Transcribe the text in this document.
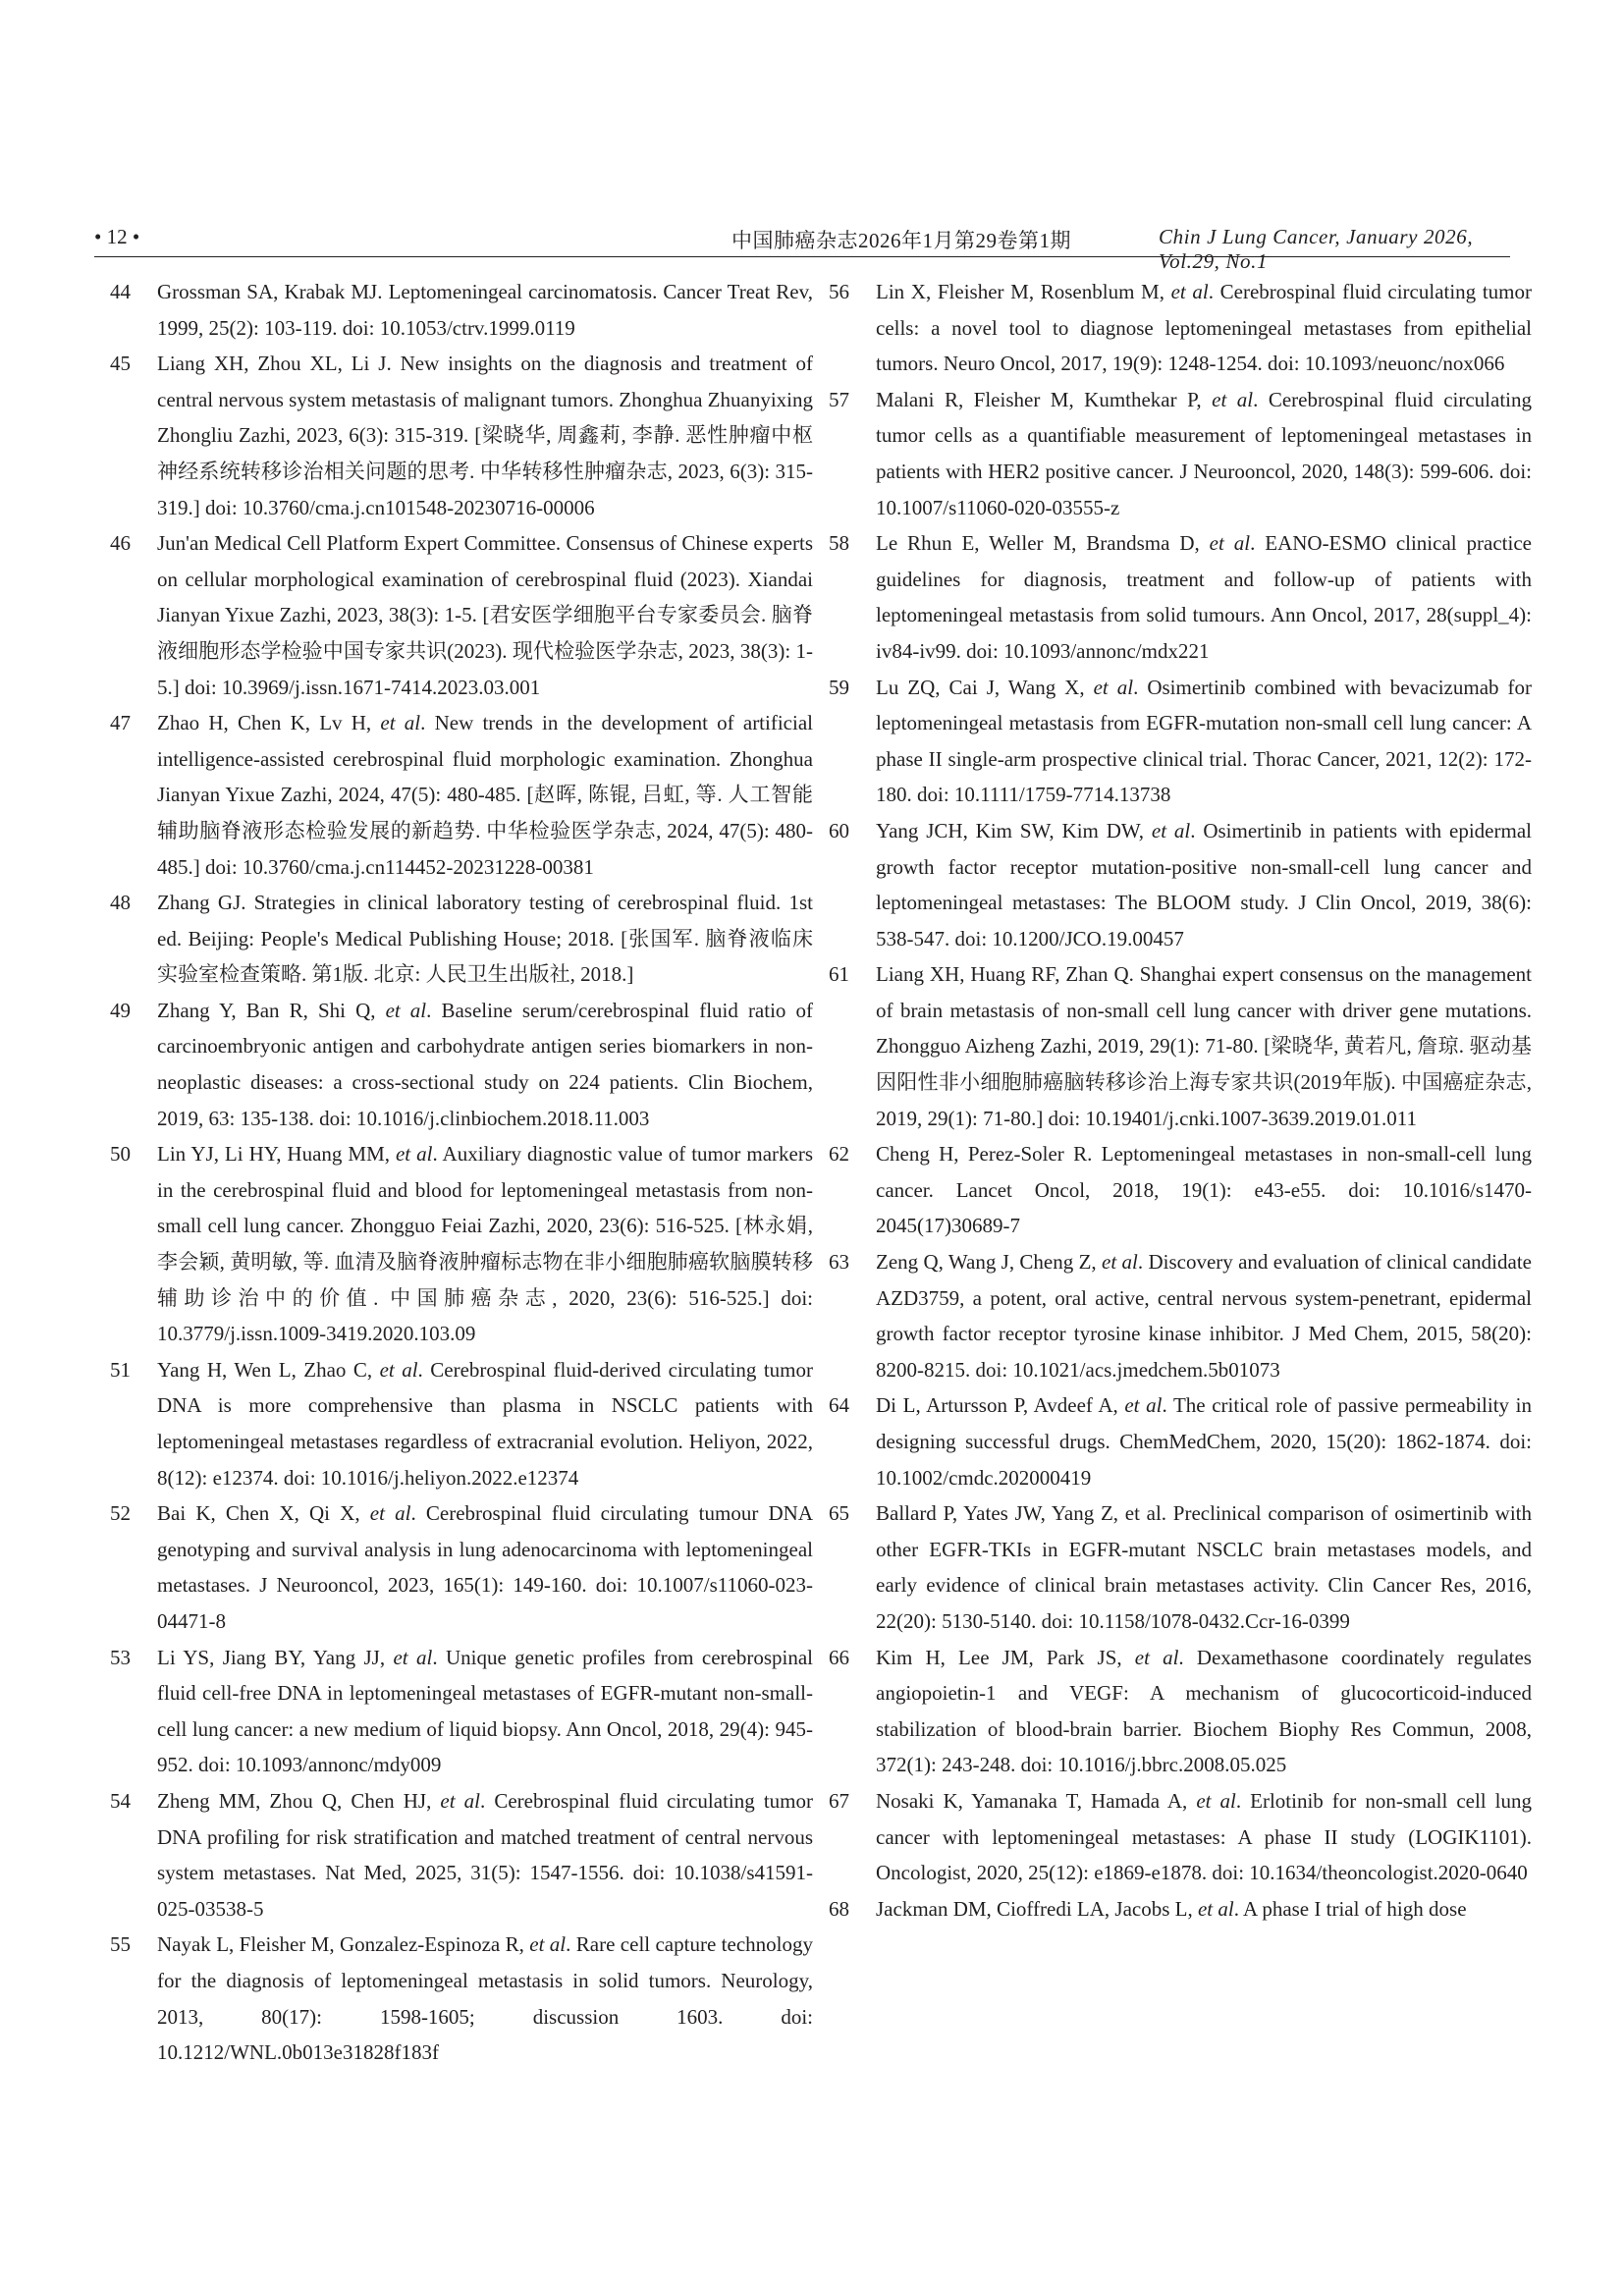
• 12 •	中国肺癌杂志2026年1月第29卷第1期	Chin J Lung Cancer, January 2026, Vol.29, No.1
44 Grossman SA, Krabak MJ. Leptomeningeal carcinomatosis. Cancer Treat Rev, 1999, 25(2): 103-119. doi: 10.1053/ctrv.1999.0119
45 Liang XH, Zhou XL, Li J. New insights on the diagnosis and treatment of central nervous system metastasis of malignant tumors. Zhonghua Zhuanyixing Zhongliu Zazhi, 2023, 6(3): 315-319. [梁晓华, 周鑫莉, 李静. 恶性肿瘤中枢神经系统转移诊治相关问题的思考. 中华转移性肿瘤杂志, 2023, 6(3): 315-319.] doi: 10.3760/cma.j.cn101548-20230716-00006
46 Jun'an Medical Cell Platform Expert Committee. Consensus of Chinese experts on cellular morphological examination of cerebrospinal fluid (2023). Xiandai Jianyan Yixue Zazhi, 2023, 38(3): 1-5. [君安医学细胞平台专家委员会. 脑脊液细胞形态学检验中国专家共识(2023). 现代检验医学杂志, 2023, 38(3): 1-5.] doi: 10.3969/j.issn.1671-7414.2023.03.001
47 Zhao H, Chen K, Lv H, et al. New trends in the development of artificial intelligence-assisted cerebrospinal fluid morphologic examination. Zhonghua Jianyan Yixue Zazhi, 2024, 47(5): 480-485. [赵晖, 陈锟, 吕虹, 等. 人工智能辅助脑脊液形态检验发展的新趋势. 中华检验医学杂志, 2024, 47(5): 480-485.] doi: 10.3760/cma.j.cn114452-20231228-00381
48 Zhang GJ. Strategies in clinical laboratory testing of cerebrospinal fluid. 1st ed. Beijing: People's Medical Publishing House; 2018. [张国军. 脑脊液临床实验室检查策略. 第1版. 北京: 人民卫生出版社, 2018.]
49 Zhang Y, Ban R, Shi Q, et al. Baseline serum/cerebrospinal fluid ratio of carcinoembryonic antigen and carbohydrate antigen series biomarkers in non-neoplastic diseases: a cross-sectional study on 224 patients. Clin Biochem, 2019, 63: 135-138. doi: 10.1016/j.clinbiochem.2018.11.003
50 Lin YJ, Li HY, Huang MM, et al. Auxiliary diagnostic value of tumor markers in the cerebrospinal fluid and blood for leptomeningeal metastasis from non-small cell lung cancer. Zhongguo Feiai Zazhi, 2020, 23(6): 516-525. [林永娟, 李会颖, 黄明敏, 等. 血清及脑脊液肿瘤标志物在非小细胞肺癌软脑膜转移辅助诊治中的价值. 中国肺癌杂志, 2020, 23(6): 516-525.] doi: 10.3779/j.issn.1009-3419.2020.103.09
51 Yang H, Wen L, Zhao C, et al. Cerebrospinal fluid-derived circulating tumor DNA is more comprehensive than plasma in NSCLC patients with leptomeningeal metastases regardless of extracranial evolution. Heliyon, 2022, 8(12): e12374. doi: 10.1016/j.heliyon.2022.e12374
52 Bai K, Chen X, Qi X, et al. Cerebrospinal fluid circulating tumour DNA genotyping and survival analysis in lung adenocarcinoma with leptomeningeal metastases. J Neurooncol, 2023, 165(1): 149-160. doi: 10.1007/s11060-023-04471-8
53 Li YS, Jiang BY, Yang JJ, et al. Unique genetic profiles from cerebrospinal fluid cell-free DNA in leptomeningeal metastases of EGFR-mutant non-small-cell lung cancer: a new medium of liquid biopsy. Ann Oncol, 2018, 29(4): 945-952. doi: 10.1093/annonc/mdy009
54 Zheng MM, Zhou Q, Chen HJ, et al. Cerebrospinal fluid circulating tumor DNA profiling for risk stratification and matched treatment of central nervous system metastases. Nat Med, 2025, 31(5): 1547-1556. doi: 10.1038/s41591-025-03538-5
55 Nayak L, Fleisher M, Gonzalez-Espinoza R, et al. Rare cell capture technology for the diagnosis of leptomeningeal metastasis in solid tumors. Neurology, 2013, 80(17): 1598-1605; discussion 1603. doi: 10.1212/WNL.0b013e31828f183f
56 Lin X, Fleisher M, Rosenblum M, et al. Cerebrospinal fluid circulating tumor cells: a novel tool to diagnose leptomeningeal metastases from epithelial tumors. Neuro Oncol, 2017, 19(9): 1248-1254. doi: 10.1093/neuonc/nox066
57 Malani R, Fleisher M, Kumthekar P, et al. Cerebrospinal fluid circulating tumor cells as a quantifiable measurement of leptomeningeal metastases in patients with HER2 positive cancer. J Neurooncol, 2020, 148(3): 599-606. doi: 10.1007/s11060-020-03555-z
58 Le Rhun E, Weller M, Brandsma D, et al. EANO-ESMO clinical practice guidelines for diagnosis, treatment and follow-up of patients with leptomeningeal metastasis from solid tumours. Ann Oncol, 2017, 28(suppl_4): iv84-iv99. doi: 10.1093/annonc/mdx221
59 Lu ZQ, Cai J, Wang X, et al. Osimertinib combined with bevacizumab for leptomeningeal metastasis from EGFR-mutation non-small cell lung cancer: A phase II single-arm prospective clinical trial. Thorac Cancer, 2021, 12(2): 172-180. doi: 10.1111/1759-7714.13738
60 Yang JCH, Kim SW, Kim DW, et al. Osimertinib in patients with epidermal growth factor receptor mutation-positive non-small-cell lung cancer and leptomeningeal metastases: The BLOOM study. J Clin Oncol, 2019, 38(6): 538-547. doi: 10.1200/JCO.19.00457
61 Liang XH, Huang RF, Zhan Q. Shanghai expert consensus on the management of brain metastasis of non-small cell lung cancer with driver gene mutations. Zhongguo Aizheng Zazhi, 2019, 29(1): 71-80. [梁晓华, 黄若凡, 詹琼. 驱动基因阳性非小细胞肺癌脑转移诊治上海专家共识(2019年版). 中国癌症杂志, 2019, 29(1): 71-80.] doi: 10.19401/j.cnki.1007-3639.2019.01.011
62 Cheng H, Perez-Soler R. Leptomeningeal metastases in non-small-cell lung cancer. Lancet Oncol, 2018, 19(1): e43-e55. doi: 10.1016/s1470-2045(17)30689-7
63 Zeng Q, Wang J, Cheng Z, et al. Discovery and evaluation of clinical candidate AZD3759, a potent, oral active, central nervous system-penetrant, epidermal growth factor receptor tyrosine kinase inhibitor. J Med Chem, 2015, 58(20): 8200-8215. doi: 10.1021/acs.jmedchem.5b01073
64 Di L, Artursson P, Avdeef A, et al. The critical role of passive permeability in designing successful drugs. ChemMedChem, 2020, 15(20): 1862-1874. doi: 10.1002/cmdc.202000419
65 Ballard P, Yates JW, Yang Z, et al. Preclinical comparison of osimertinib with other EGFR-TKIs in EGFR-mutant NSCLC brain metastases models, and early evidence of clinical brain metastases activity. Clin Cancer Res, 2016, 22(20): 5130-5140. doi: 10.1158/1078-0432.Ccr-16-0399
66 Kim H, Lee JM, Park JS, et al. Dexamethasone coordinately regulates angiopoietin-1 and VEGF: A mechanism of glucocorticoid-induced stabilization of blood-brain barrier. Biochem Biophy Res Commun, 2008, 372(1): 243-248. doi: 10.1016/j.bbrc.2008.05.025
67 Nosaki K, Yamanaka T, Hamada A, et al. Erlotinib for non-small cell lung cancer with leptomeningeal metastases: A phase II study (LOGIK1101). Oncologist, 2020, 25(12): e1869-e1878. doi: 10.1634/theoncologist.2020-0640
68 Jackman DM, Cioffredi LA, Jacobs L, et al. A phase I trial of high dose
